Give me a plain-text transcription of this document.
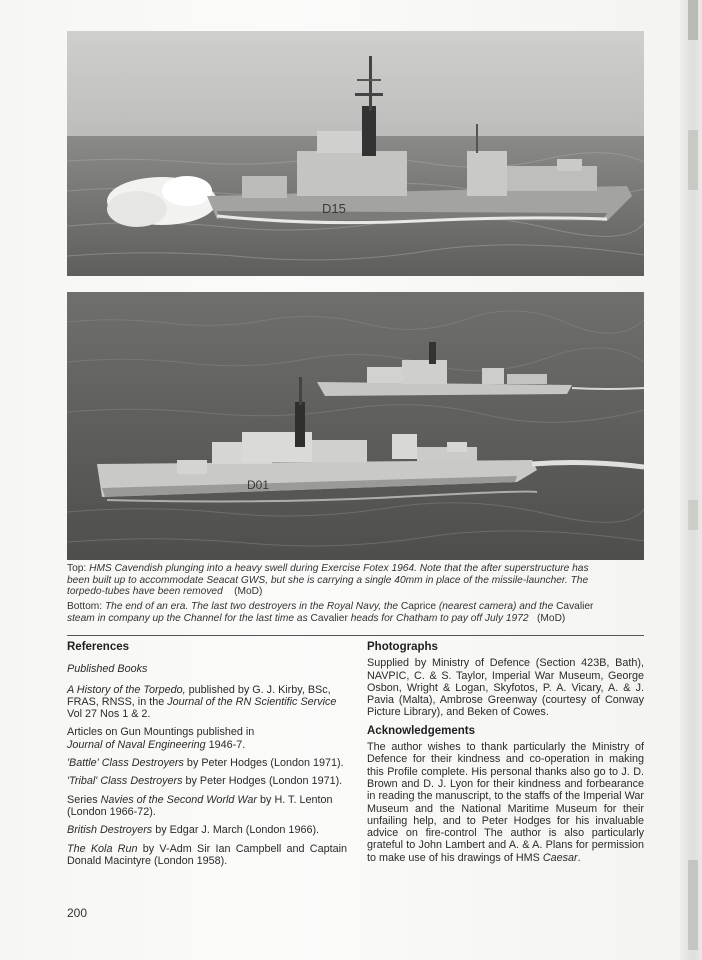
D15
D01
Top: HMS Cavendish plunging into a heavy swell during Exercise Fotex 1964. Note that the after superstructure has
been built up to accommodate Seacat GWS, but she is carrying a single 40mm in place of the missile-launcher. The
torpedo-tubes have been removed (MoD)
Bottom: The end of an era. The last two destroyers in the Royal Navy, the Caprice (nearest camera) and the Cavalier
steam in company up the Channel for the last time as Cavalier heads for Chatham to pay off July 1972 (MoD)
References
Published Books
A History of the Torpedo, published by G. J. Kirby, BSc, FRAS, RNSS, in the Journal of the RN Scientific Service Vol 27 Nos 1 & 2.
Articles on Gun Mountings published in
Journal of Naval Engineering 1946-7.
'Battle' Class Destroyers by Peter Hodges (London 1971).
'Tribal' Class Destroyers by Peter Hodges (London 1971).
Series Navies of the Second World War by H. T. Lenton (London 1966-72).
British Destroyers by Edgar J. March (London 1966).
The Kola Run by V-Adm Sir Ian Campbell and Captain Donald Macintyre (London 1958).
Photographs
Supplied by Ministry of Defence (Section 423B, Bath), NAVPIC, C. & S. Taylor, Imperial War Museum, George Osbon, Wright & Logan, Skyfotos, P. A. Vicary, A. & J. Pavia (Malta), Ambrose Greenway (courtesy of Conway Picture Library), and Beken of Cowes.
Acknowledgements
The author wishes to thank particularly the Ministry of Defence for their kindness and co-operation in making this Profile complete. His personal thanks also go to J. D. Brown and D. J. Lyon for their kindness and forbearance in reading the manuscript, to the staffs of the Imperial War Museum and the National Maritime Museum for their unfailing help, and to Peter Hodges for his invaluable advice on fire-control The author is also particularly grateful to John Lambert and A. & A. Plans for permission to make use of his drawings of HMS Caesar.
200
